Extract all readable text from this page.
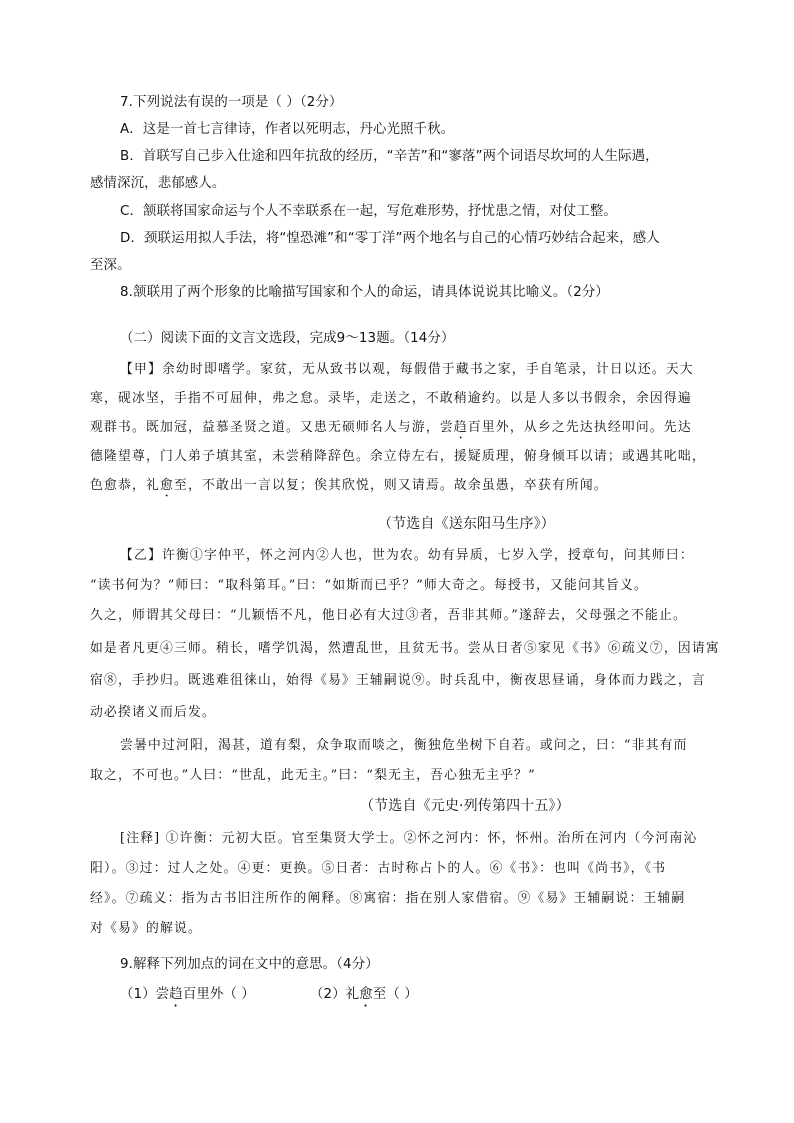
7.下列说法有误的一项是（ ）（2分）
A．这是一首七言律诗，作者以死明志，丹心光照千秋。
B．首联写自己步入仕途和四年抗敌的经历，“辛苦”和“寥落”两个词语尽坎坷的人生际遇，
感情深沉，悲郁感人。
C．颔联将国家命运与个人不幸联系在一起，写危难形势，抒忧患之情，对仗工整。
D．颈联运用拟人手法，将“惶恐滩”和“零丁洋”两个地名与自己的心情巧妙结合起来，感人
至深。
8.颔联用了两个形象的比喻描写国家和个人的命运，请具体说说其比喻义。（2分）
（二）阅读下面的文言文选段，完成9～13题。（14分）
【甲】余幼时即嗜学。家贫，无从致书以观，每假借于藏书之家，手自笔录，计日以还。天大
寒，砚冰坚，手指不可屈伸，弗之怠。录毕，走送之，不敢稍逾约。以是人多以书假余，余因得遍
观群书。既加冠，益慕圣贤之道。又患无硕师名人与游，尝趋百里外，从乡之先达执经叩问。先达
德隆望尊，门人弟子填其室，未尝稍降辞色。余立侍左右，援疑质理，俯身倾耳以请；或遇其叱咄，
色愈恭，礼愈至，不敢出一言以复；俟其欣悦，则又请焉。故余虽愚，卒获有所闻。
（节选自《送东阳马生序》）
【乙】许衡①字仲平，怀之河内②人也，世为农。幼有异质，七岁入学，授章句，问其师曰：
“读书何为？”师曰：“取科第耳。”曰：“如斯而已乎？”师大奇之。每授书，又能问其旨义。
久之，师谓其父母曰：“儿颖悟不凡，他日必有大过③者，吾非其师。”遂辞去，父母强之不能止。
如是者凡更④三师。稍长，嗜学饥渴，然遭乱世，且贫无书。尝从日者⑤家见《书》⑥疏义⑦，因请寓
宿⑧，手抄归。既逃难徂徕山，始得《易》王辅嗣说⑨。时兵乱中，衡夜思昼诵，身体而力践之，言
动必揆诸义而后发。
尝暑中过河阳，渴甚，道有梨，众争取而啖之，衡独危坐树下自若。或问之，曰：“非其有而
取之，不可也。”人曰：“世乱，此无主。”曰：“梨无主，吾心独无主乎？”
（节选自《元史·列传第四十五》）
[注释] ①许衡：元初大臣。官至集贤大学士。②怀之河内：怀，怀州。治所在河内（今河南沁
阳）。③过：过人之处。④更：更换。⑤日者：古时称占卜的人。⑥《书》：也叫《尚书》，《书
经》。⑦疏义：指为古书旧注所作的阐释。⑧寓宿：指在别人家借宿。⑨《易》王辅嗣说：王辅嗣
对《易》的解说。
9.解释下列加点的词在文中的意思。（4分）
（1）尝趋百里外（ ）	（2）礼愈至（ ）
